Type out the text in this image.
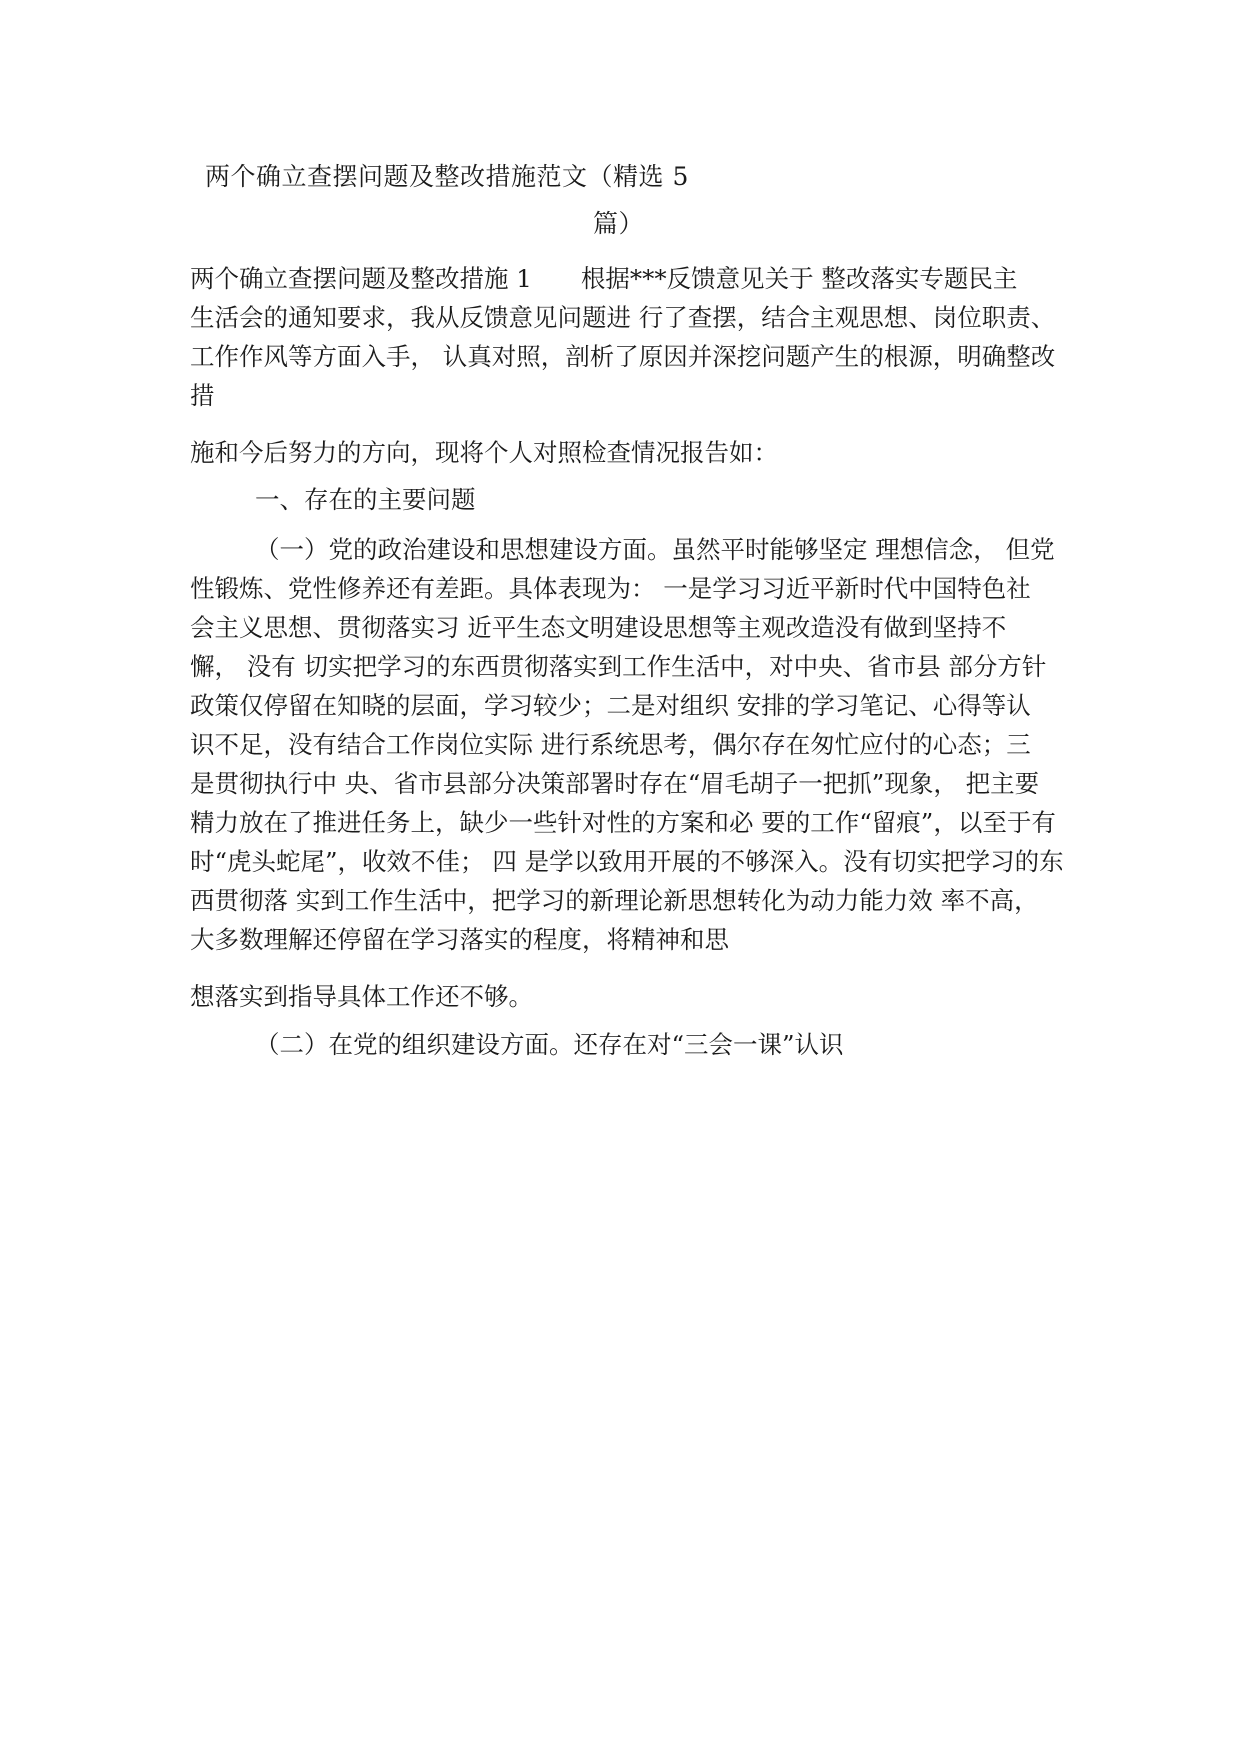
两个确立查摆问题及整改措施范文（精选 5
篇）
两个确立查摆问题及整改措施 1　　根据***反馈意见关于 整改落实专题民主
生活会的通知要求，我从反馈意见问题进 行了查摆，结合主观思想、岗位职责、
工作作风等方面入手， 认真对照，剖析了原因并深挖问题产生的根源，明确整改
措
施和今后努力的方向，现将个人对照检查情况报告如：
一、存在的主要问题
（一）党的政治建设和思想建设方面。虽然平时能够坚定 理想信念， 但党
性锻炼、党性修养还有差距。具体表现为： 一是学习习近平新时代中国特色社
会主义思想、贯彻落实习 近平生态文明建设思想等主观改造没有做到坚持不
懈， 没有 切实把学习的东西贯彻落实到工作生活中，对中央、省市县 部分方针
政策仅停留在知晓的层面，学习较少；二是对组织 安排的学习笔记、心得等认
识不足，没有结合工作岗位实际 进行系统思考，偶尔存在匆忙应付的心态；三
是贯彻执行中 央、省市县部分决策部署时存在“眉毛胡子一把抓”现象， 把主要
精力放在了推进任务上，缺少一些针对性的方案和必 要的工作“留痕”，以至于有
时“虎头蛇尾”，收效不佳； 四 是学以致用开展的不够深入。没有切实把学习的东
西贯彻落 实到工作生活中，把学习的新理论新思想转化为动力能力效 率不高，
大多数理解还停留在学习落实的程度，将精神和思
想落实到指导具体工作还不够。
（二）在党的组织建设方面。还存在对“三会一课”认识
